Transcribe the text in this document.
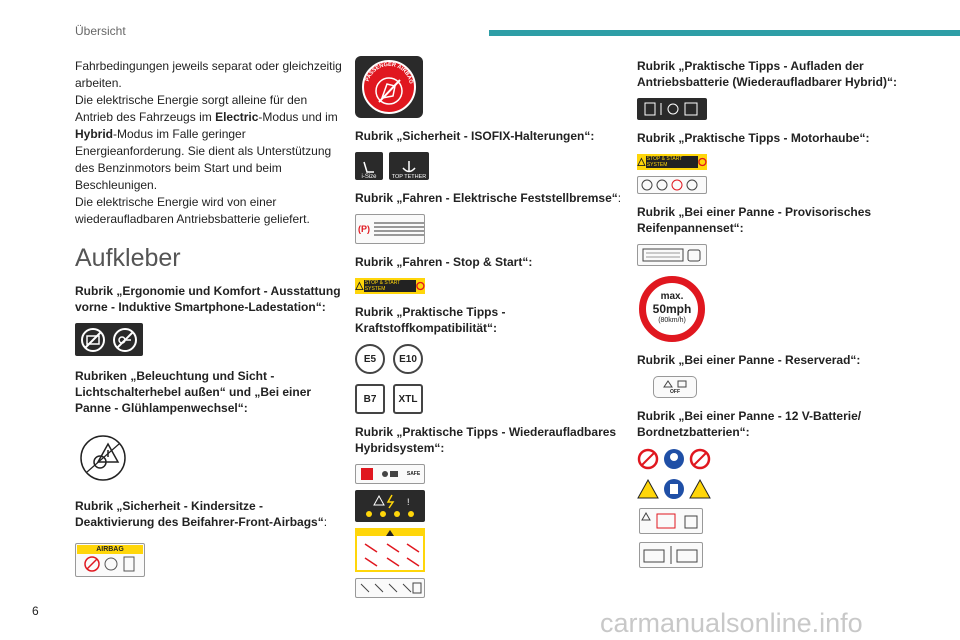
Übersicht

Fahrbedingungen jeweils separat oder gleichzeitig arbeiten.

Die elektrische Energie sorgt alleine für den Antrieb des Fahrzeugs im Electric-Modus und im Hybrid-Modus im Falle geringer Energieanforderung. Sie dient als Unterstützung des Benzinmotors beim Start und beim Beschleunigen.

Die elektrische Energie wird von einer wiederaufladbaren Antriebsbatterie geliefert.

Aufkleber
Rubrik „Ergonomie und Komfort - Ausstattung vorne - Induktive Smartphone-Ladestation“:
Rubriken „Beleuchtung und Sicht - Lichtschalterhebel außen“ und „Bei einer Panne - Glühlampenwechsel“:
Rubrik „Sicherheit - Kindersitze - Deaktivierung des Beifahrer-Front-Airbags“:
AIRBAG
PASSENGER AIRBAG
Rubrik „Sicherheit - ISOFIX-Halterungen“:
i-Size	TOP TETHER
Rubrik „Fahren - Elektrische Feststellbremse“:
(P)
Rubrik „Fahren - Stop & Start“:
STOP & START SYSTEM
Rubrik „Praktische Tipps - Kraftstoffkompatibilität“:
E5	E10
B7	XTL
Rubrik „Praktische Tipps - Wiederaufladbares Hybridsystem“:
SAFE
!
Rubrik „Praktische Tipps - Aufladen der Antriebsbatterie (Wiederaufladbarer Hybrid)“:
Rubrik „Praktische Tipps - Motorhaube“:
STOP & START SYSTEM
Rubrik „Bei einer Panne - Provisorisches Reifenpannenset“:
max.
50mph
(80km/h)
Rubrik „Bei einer Panne - Reserverad“:
OFF
Rubrik „Bei einer Panne - 12 V-Batterie/ Bordnetzbatterien“:
6	carmanualsonline.info
